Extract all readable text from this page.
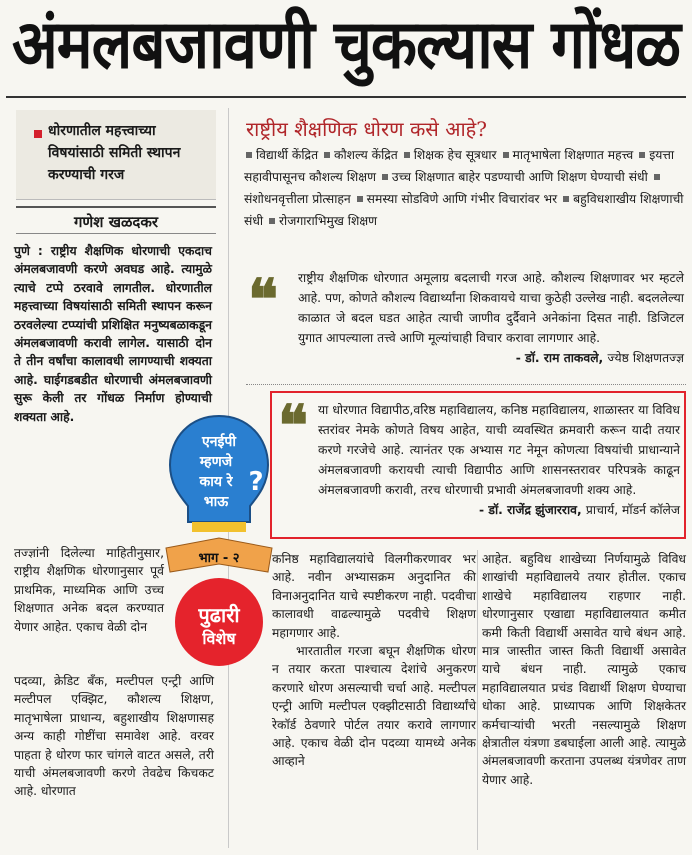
अंमलबजावणी चुकल्यास गोंधळ
धोरणातील महत्त्वाच्या विषयांसाठी समिती स्थापन करण्याची गरज
गणेश खळदकर

पुणे : राष्ट्रीय शैक्षणिक धोरणाची एकदाच अंमलबजावणी करणे अवघड आहे. त्यामुळे त्याचे टप्पे ठरवावे लागतील. धोरणातील महत्त्वाच्या विषयांसाठी समिती स्थापन करून ठरवलेल्या टप्प्यांची प्रशिक्षित मनुष्यबळाकडून अंमलबजावणी करावी लागेल. यासाठी दोन ते तीन वर्षांचा कालावधी लागण्याची शक्यता आहे. घाईगडबडीत धोरणाची अंमलबजावणी सुरू केली तर गोंधळ निर्माण होण्याची शक्यता आहे.

तज्ज्ञांनी दिलेल्या माहितीनुसार, राष्ट्रीय शैक्षणिक धोरणानुसार पूर्व प्राथमिक, माध्यमिक आणि उच्च शिक्षणात अनेक बदल करण्यात येणार आहेत. एकाच वेळी दोन

पदव्या, क्रेडिट बँक, मल्टीपल एन्ट्री आणि मल्टीपल एक्झिट, कौशल्य शिक्षण, मातृभाषेला प्राधान्य, बहुशाखीय शिक्षणासह अन्य काही गोष्टींचा समावेश आहे. वरवर पाहता हे धोरण फार चांगले वाटत असले, तरी याची अंमलबजावणी करणे तेवढेच किचकट आहे. धोरणात

राष्ट्रीय शैक्षणिक धोरण कसे आहे?
विद्यार्थी केंद्रित कौशल्य केंद्रित शिक्षक हेच सूत्रधार मातृभाषेला शिक्षणात महत्त्व इयत्ता सहावीपासूनच कौशल्य शिक्षण उच्च शिक्षणात बाहेर पडण्याची आणि शिक्षण घेण्याची संधी संशोधनवृत्तीला प्रोत्साहन समस्या सोडविणे आणि गंभीर विचारांवर भर बहुविधशाखीय शिक्षणाची संधी रोजगाराभिमुख शिक्षण
❝	राष्ट्रीय शैक्षणिक धोरणात अमूलाग्र बदलाची गरज आहे. कौशल्य शिक्षणावर भर म्हटले आहे. पण, कोणते कौशल्य विद्यार्थ्यांना शिकवायचे याचा कुठेही उल्लेख नाही. बदललेल्या काळात जे बदल घडत आहेत त्याची जाणीव दुर्दैवाने अनेकांना दिसत नाही. डिजिटल युगात आपल्याला तत्त्वे आणि मूल्यांचाही विचार करावा लागणार आहे.

- डॉ. राम ताकवले, ज्येष्ठ शिक्षणतज्ज्ञ

❝ या धोरणात विद्यापीठ,वरिष्ठ महाविद्यालय, कनिष्ठ महाविद्यालय, शाळास्तर या विविध स्तरांवर नेमके कोणते विषय आहेत, याची व्यवस्थित क्रमवारी करून यादी तयार करणे गरजेचे आहे. त्यानंतर एक अभ्यास गट नेमून कोणत्या विषयांची प्राधान्याने अंमलबजावणी करायची त्याची विद्यापीठ आणि शासनस्तरावर परिपत्रके काढून अंमलबजावणी करावी, तरच धोरणाची प्रभावी अंमलबजावणी शक्य आहे.

- डॉ. राजेंद्र झुंजारराव, प्राचार्य, मॉडर्न कॉलेज

एनईपी
म्हणजे
काय रे
भाऊ
?
भाग - २
पुढारी
विशेष

कनिष्ठ महाविद्यालयांचे विलगीकरणावर भर आहे. नवीन अभ्यासक्रम अनुदानित की विनाअनुदानित याचे स्पष्टीकरण नाही. पदवीचा कालावधी वाढल्यामुळे पदवीचे शिक्षण महागणार आहे.

भारतातील गरजा बघून शैक्षणिक धोरण न तयार करता पाश्चात्य देशांचे अनुकरण करणारे धोरण असल्याची चर्चा आहे. मल्टीपल एन्ट्री आणि मल्टीपल एक्झीटसाठी विद्यार्थ्यांचे रेकॉर्ड ठेवणारे पोर्टल तयार करावे लागणार आहे. एकाच वेळी दोन पदव्या यामध्ये अनेक आव्हाने

आहेत. बहुविध शाखेच्या निर्णयामुळे विविध शाखांची महाविद्यालये तयार होतील. एकाच शाखेचे महाविद्यालय राहणार नाही. धोरणानुसार एखाद्या महाविद्यालयात कमीत कमी किती विद्यार्थी असावेत याचे बंधन आहे. मात्र जास्तीत जास्त किती विद्यार्थी असावेत याचे बंधन नाही. त्यामुळे एकाच महाविद्यालयात प्रचंड विद्यार्थी शिक्षण घेण्याचा धोका आहे. प्राध्यापक आणि शिक्षकेतर कर्मचाऱ्यांची भरती नसल्यामुळे शिक्षण क्षेत्रातील यंत्रणा डबघाईला आली आहे. त्यामुळे अंमलबजावणी करताना उपलब्ध यंत्रणेवर ताण येणार आहे.
